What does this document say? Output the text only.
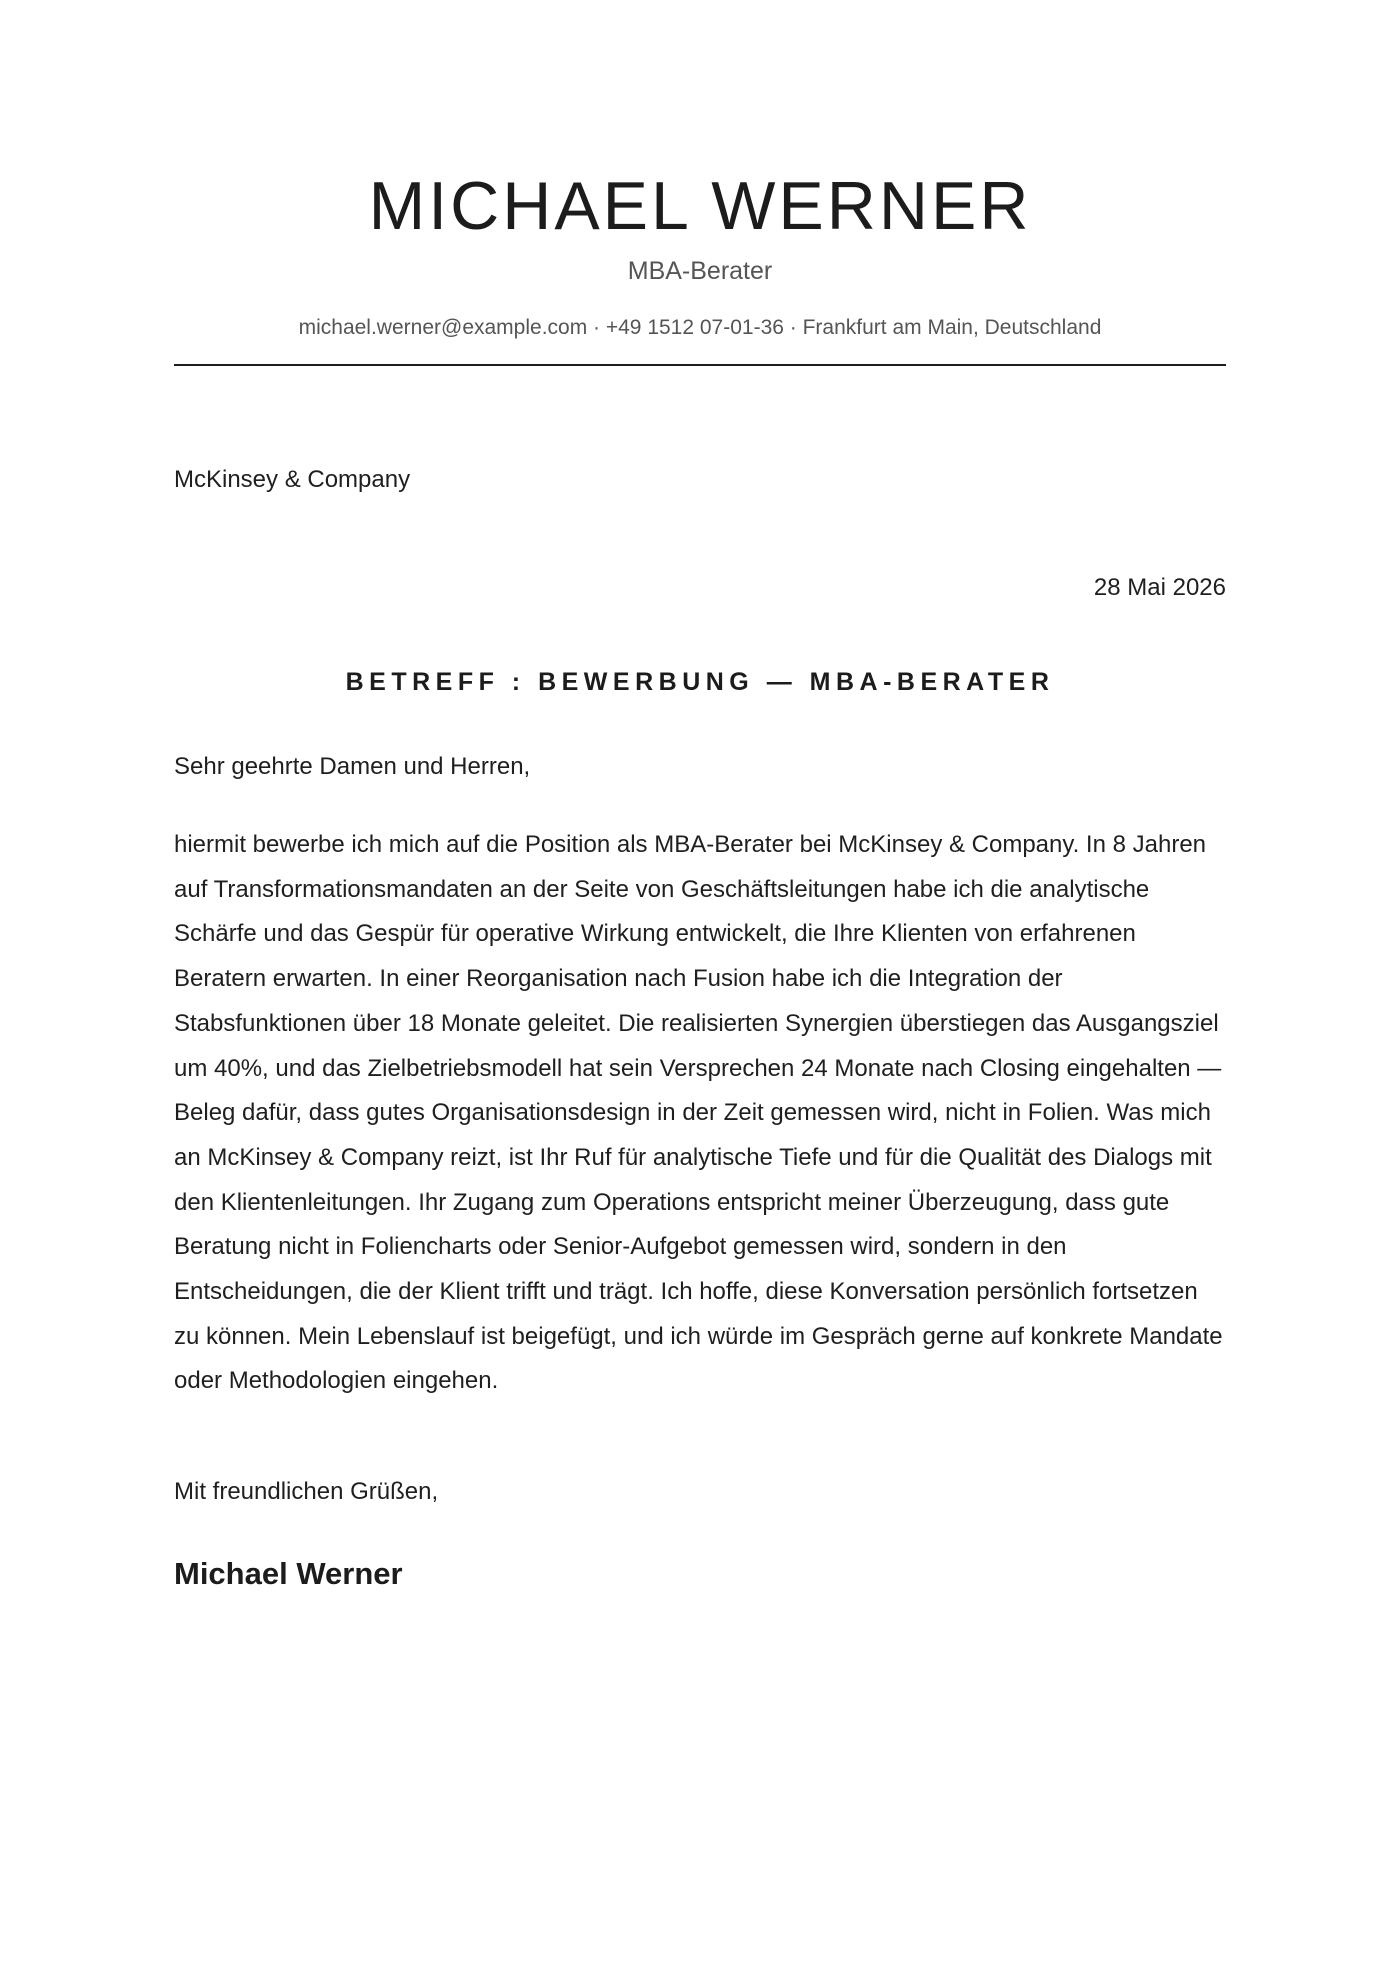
MICHAEL WERNER
MBA-Berater
michael.werner@example.com · +49 1512 07-01-36 · Frankfurt am Main, Deutschland
McKinsey & Company
28 Mai 2026
BETREFF : BEWERBUNG — MBA-BERATER
Sehr geehrte Damen und Herren,

hiermit bewerbe ich mich auf die Position als MBA-Berater bei McKinsey & Company. In 8 Jahren auf Transformationsmandaten an der Seite von Geschäftsleitungen habe ich die analytische Schärfe und das Gespür für operative Wirkung entwickelt, die Ihre Klienten von erfahrenen Beratern erwarten. In einer Reorganisation nach Fusion habe ich die Integration der Stabsfunktionen über 18 Monate geleitet. Die realisierten Synergien überstiegen das Ausgangsziel um 40%, und das Zielbetriebsmodell hat sein Versprechen 24 Monate nach Closing eingehalten — Beleg dafür, dass gutes Organisationsdesign in der Zeit gemessen wird, nicht in Folien. Was mich an McKinsey & Company reizt, ist Ihr Ruf für analytische Tiefe und für die Qualität des Dialogs mit den Klientenleitungen. Ihr Zugang zum Operations entspricht meiner Überzeugung, dass gute Beratung nicht in Foliencharts oder Senior-Aufgebot gemessen wird, sondern in den Entscheidungen, die der Klient trifft und trägt. Ich hoffe, diese Konversation persönlich fortsetzen zu können. Mein Lebenslauf ist beigefügt, und ich würde im Gespräch gerne auf konkrete Mandate oder Methodologien eingehen.

Mit freundlichen Grüßen,
Michael Werner
